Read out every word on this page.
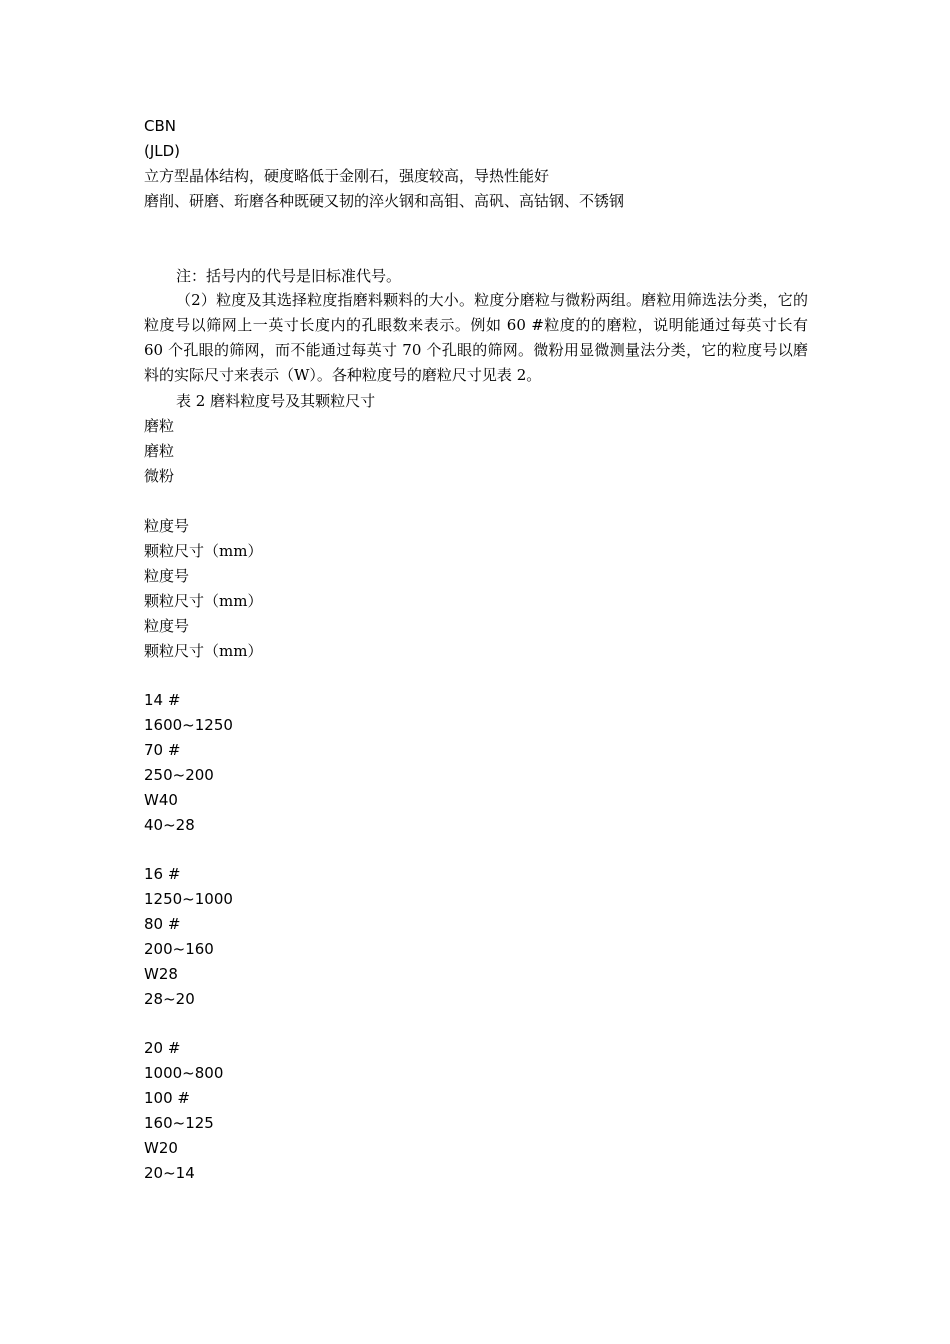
CBN
(JLD)
立方型晶体结构，硬度略低于金刚石，强度较高，导热性能好
磨削、研磨、珩磨各种既硬又韧的淬火钢和高钼、高矾、高钴钢、不锈钢
注：括号内的代号是旧标准代号。
（2）粒度及其选择粒度指磨料颗料的大小。粒度分磨粒与微粉两组。磨粒用筛选法分类，它的粒度号以筛网上一英寸长度内的孔眼数来表示。例如 60 #粒度的的磨粒，说明能通过每英寸长有 60 个孔眼的筛网，而不能通过每英寸 70 个孔眼的筛网。微粉用显微测量法分类，它的粒度号以磨料的实际尺寸来表示（W）。各种粒度号的磨粒尺寸见表 2。
表 2 磨料粒度号及其颗粒尺寸
磨粒
磨粒
微粉
粒度号
颗粒尺寸（mm）
粒度号
颗粒尺寸（mm）
粒度号
颗粒尺寸（mm）
14 #
1600~1250
70 #
250~200
W40
40~28
16 #
1250~1000
80 #
200~160
W28
28~20
20 #
1000~800
100 #
160~125
W20
20~14
